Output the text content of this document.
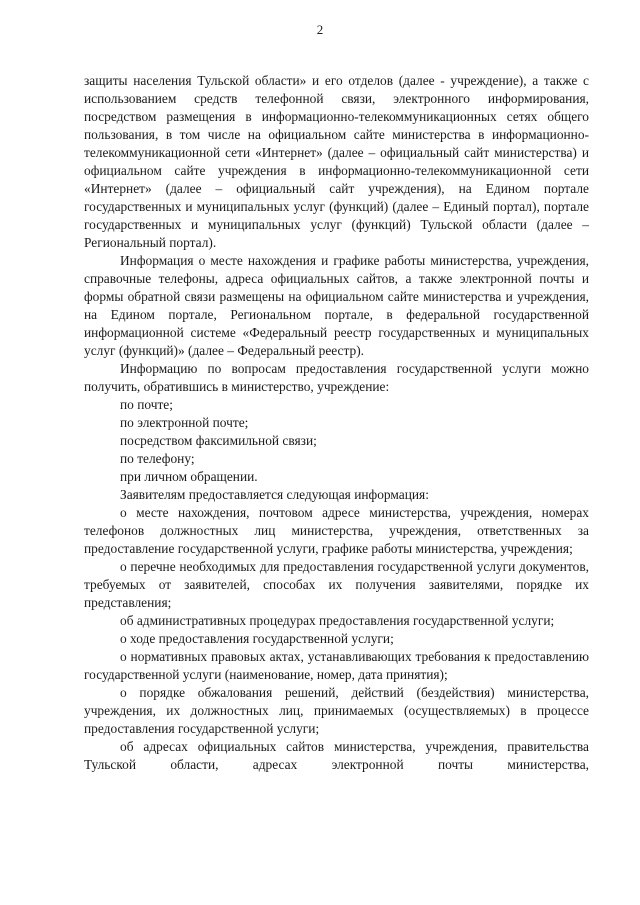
2

защиты населения Тульской области» и его отделов (далее - учреждение), а также с использованием средств телефонной связи, электронного информирования, посредством размещения в информационно-телекоммуникационных сетях общего пользования, в том числе на официальном сайте министерства в информационно-телекоммуникационной сети «Интернет» (далее – официальный сайт министерства) и официальном сайте учреждения в информационно-телекоммуникационной сети «Интернет» (далее – официальный сайт учреждения), на Едином портале государственных и муниципальных услуг (функций) (далее – Единый портал), портале государственных и муниципальных услуг (функций) Тульской области (далее – Региональный портал).

Информация о месте нахождения и графике работы министерства, учреждения, справочные телефоны, адреса официальных сайтов, а также электронной почты и формы обратной связи размещены на официальном сайте министерства и учреждения, на Едином портале, Региональном портале, в федеральной государственной информационной системе «Федеральный реестр государственных и муниципальных услуг (функций)» (далее – Федеральный реестр).

Информацию по вопросам предоставления государственной услуги можно получить, обратившись в министерство, учреждение:

по почте;

по электронной почте;

посредством факсимильной связи;

по телефону;

при личном обращении.

Заявителям предоставляется следующая информация:

о месте нахождения, почтовом адресе министерства, учреждения, номерах телефонов должностных лиц министерства, учреждения, ответственных за предоставление государственной услуги, графике работы министерства, учреждения;

о перечне необходимых для предоставления государственной услуги документов, требуемых от заявителей, способах их получения заявителями, порядке их представления;

об административных процедурах предоставления государственной услуги;

о ходе предоставления государственной услуги;

о нормативных правовых актах, устанавливающих требования к предоставлению государственной услуги (наименование, номер, дата принятия);

о порядке обжалования решений, действий (бездействия) министерства, учреждения, их должностных лиц, принимаемых (осуществляемых) в процессе предоставления государственной услуги;

об адресах официальных сайтов министерства, учреждения, правительства Тульской области, адресах электронной почты министерства,
